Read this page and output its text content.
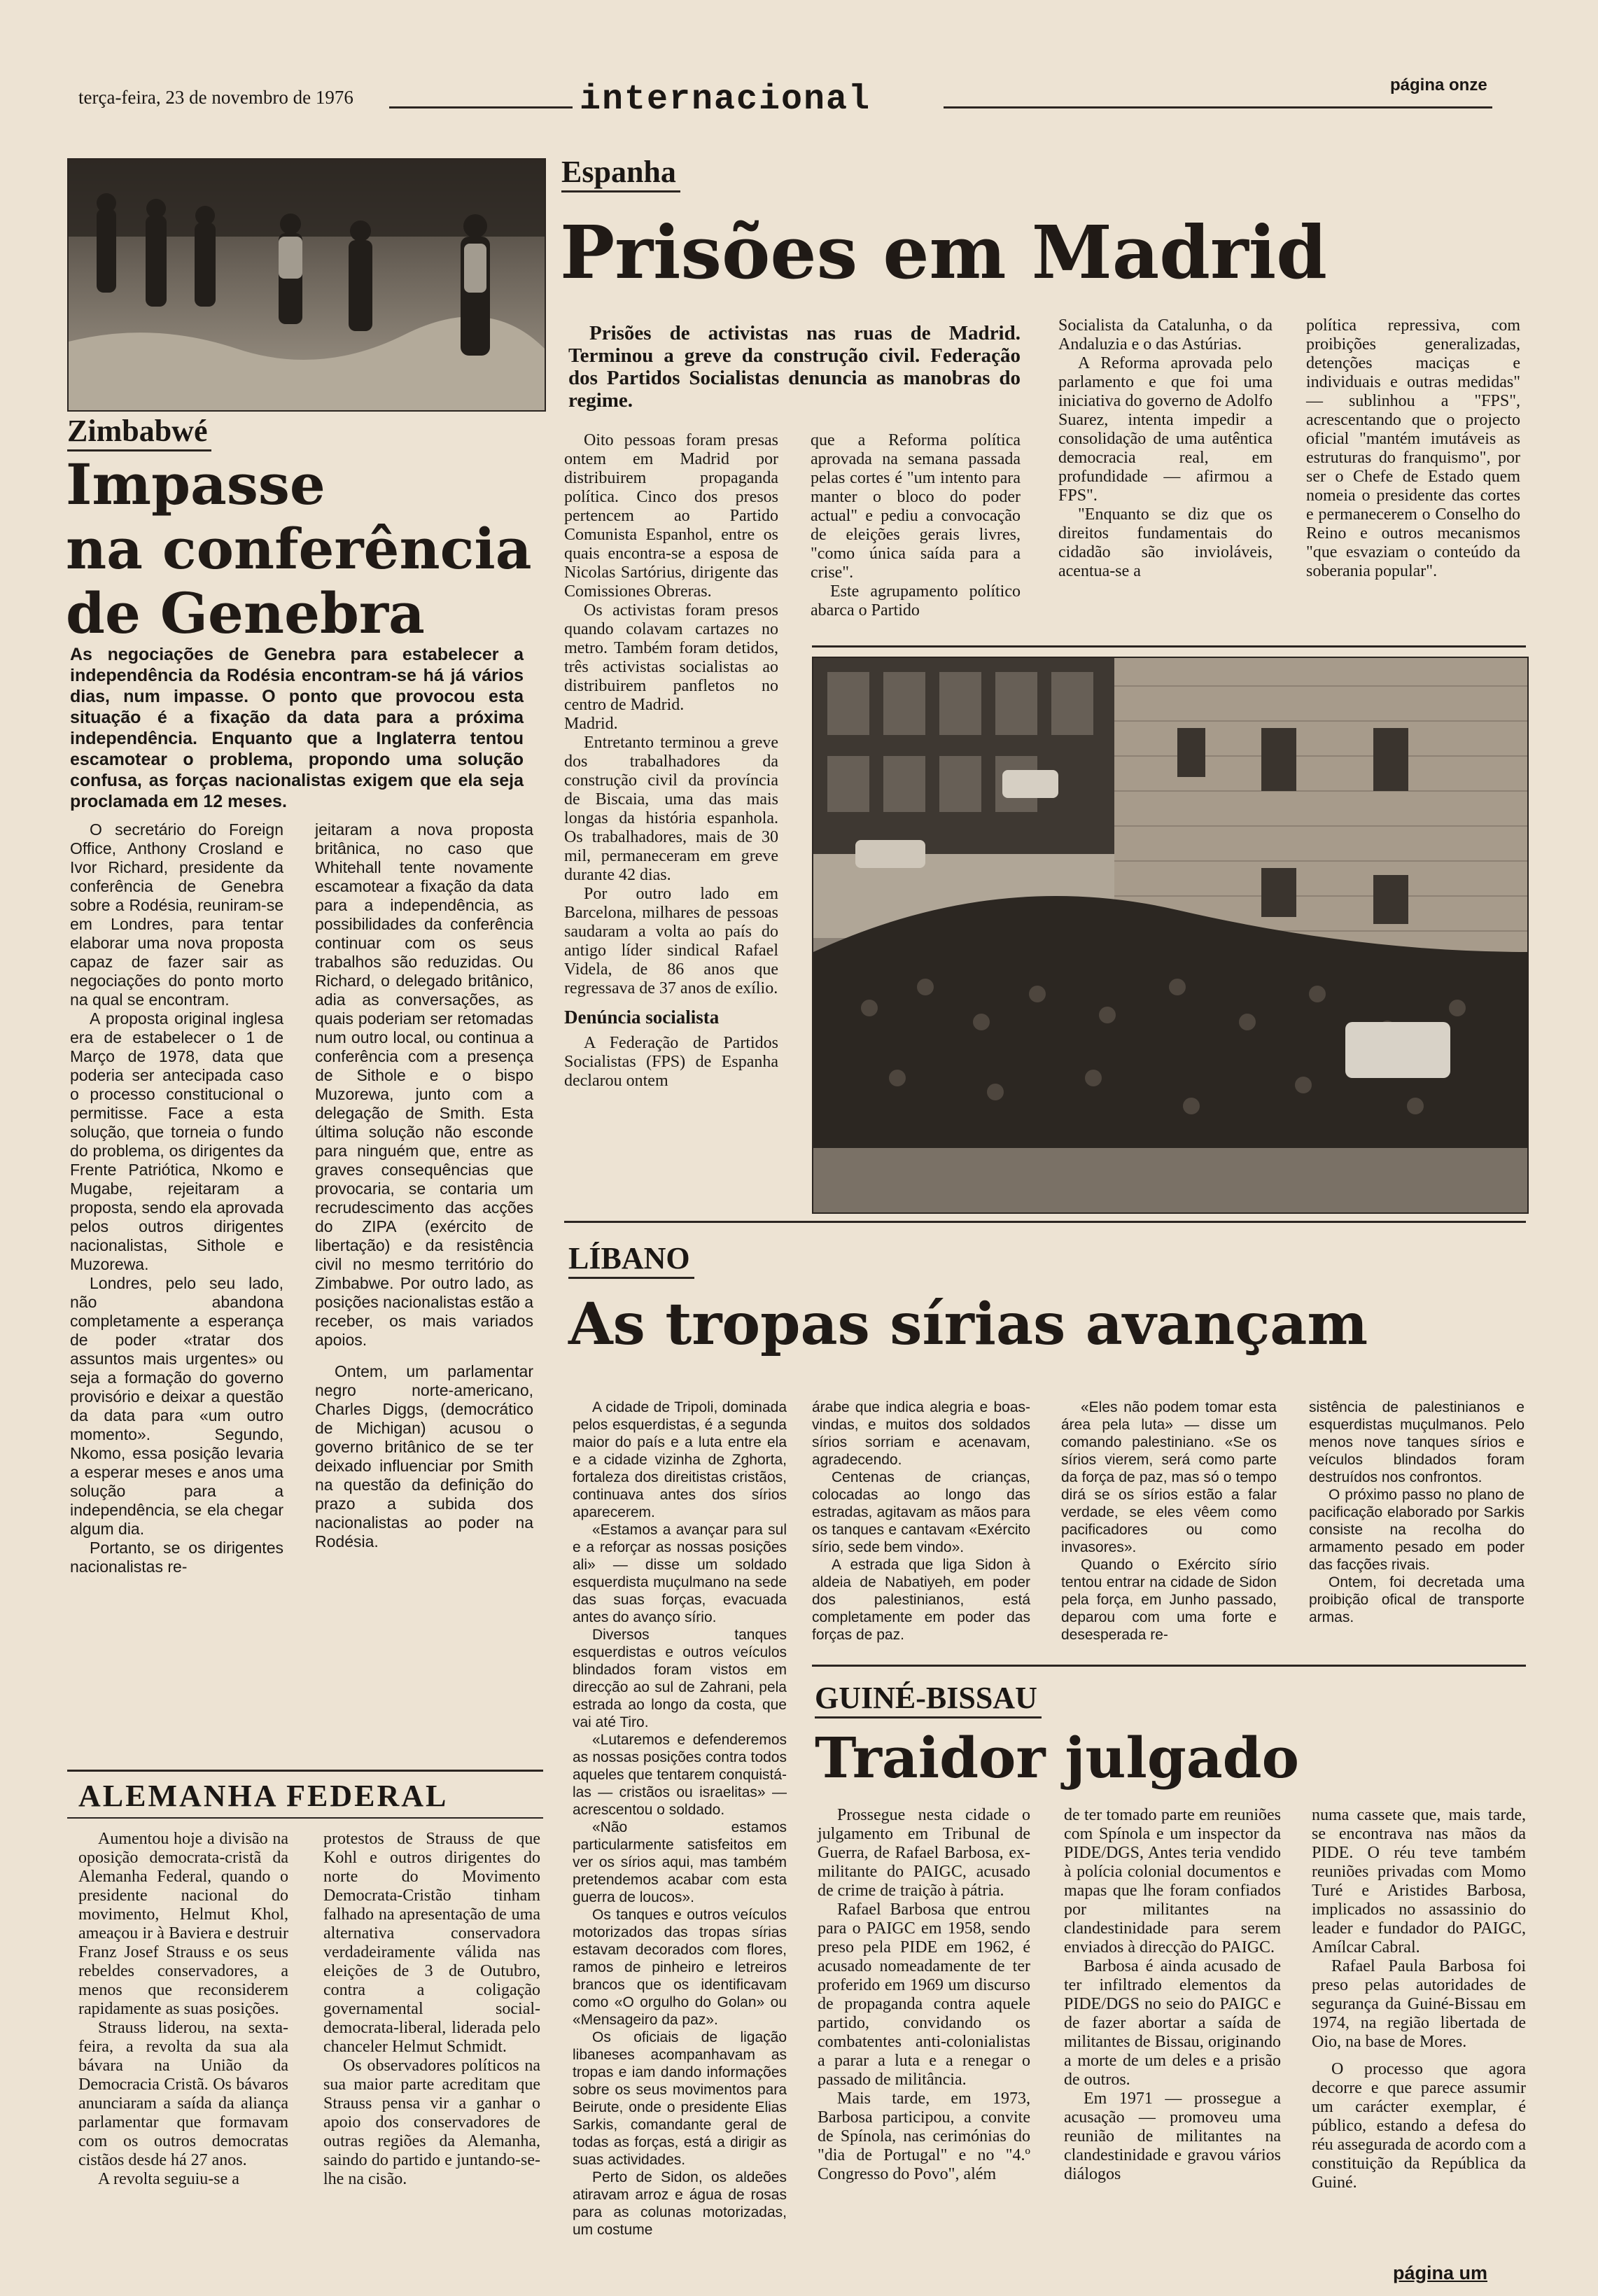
terça-feira, 23 de novembro de 1976	internacional	página onze
Zimbabwé
Impasse
na conferência
de Genebra
As negociações de Genebra para estabelecer a independência da Rodésia encontram-se há já vários dias, num impasse. O ponto que provocou esta situação é a fixação da data para a próxima independência. Enquanto que a Inglaterra tentou escamotear o problema, propondo uma solução confusa, as forças nacionalistas exigem que ela seja proclamada em 12 meses.

O secretário do Foreign Office, Anthony Crosland e Ivor Richard, presidente da conferência de Genebra sobre a Rodésia, reuniram-se em Londres, para tentar elaborar uma nova proposta capaz de fazer sair as negociações do ponto morto na qual se encontram.

A proposta original inglesa era de estabelecer o 1 de Março de 1978, data que poderia ser antecipada caso o processo constitucional o permitisse. Face a esta solução, que torneia o fundo do problema, os dirigentes da Frente Patriótica, Nkomo e Mugabe, rejeitaram a proposta, sendo ela aprovada pelos outros dirigentes nacionalistas, Sithole e Muzorewa.

Londres, pelo seu lado, não abandona completamente a esperança de poder «tratar dos assuntos mais urgentes» ou seja a formação do governo provisório e deixar a questão da data para «um outro momento». Segundo, Nkomo, essa posição levaria a esperar meses e anos uma solução para a independência, se ela chegar algum dia.

Portanto, se os dirigentes nacionalistas re-

jeitaram a nova proposta britânica, no caso que Whitehall tente novamente escamotear a fixação da data para a independência, as possibilidades da conferência continuar com os seus trabalhos são reduzidas. Ou Richard, o delegado britânico, adia as conversações, as quais poderiam ser retomadas num outro local, ou continua a conferência com a presença de Sithole e o bispo Muzorewa, junto com a delegação de Smith. Esta última solução não esconde para ninguém que, entre as graves consequências que provocaria, se contaria um recrudescimento das acções do ZIPA (exército de libertação) e da resistência civil no mesmo território do Zimbabwe. Por outro lado, as posições nacionalistas estão a receber, os mais variados apoios.

Ontem, um parlamentar negro norte-americano, Charles Diggs, (democrático de Michigan) acusou o governo britânico de se ter deixado influenciar por Smith na questão da definição do prazo a subida dos nacionalistas ao poder na Rodésia.

ALEMANHA FEDERAL

Aumentou hoje a divisão na oposição democrata-cristã da Alemanha Federal, quando o presidente nacional do movimento, Helmut Khol, ameaçou ir à Baviera e destruir Franz Josef Strauss e os seus rebeldes conservadores, a menos que reconsiderem rapidamente as suas posições.

Strauss liderou, na sexta-feira, a revolta da sua ala bávara na União da Democracia Cristã. Os bávaros anunciaram a saída da aliança parlamentar que formavam com os outros democratas cistãos desde há 27 anos.

A revolta seguiu-se a

protestos de Strauss de que Kohl e outros dirigentes do norte do Movimento Democrata-Cristão tinham falhado na apresentação de uma alternativa conservadora verdadeiramente válida nas eleições de 3 de Outubro, contra a coligação governamental social-democrata-liberal, liderada pelo chanceler Helmut Schmidt.

Os observadores políticos na sua maior parte acreditam que Strauss pensa vir a ganhar o apoio dos conservadores de outras regiões da Alemanha, saindo do partido e juntando-se-lhe na cisão.

Espanha
Prisões em Madrid
Prisões de activistas nas ruas de Madrid. Terminou a greve da construção civil. Federação dos Partidos Socialistas denuncia as manobras do regime.

Oito pessoas foram presas ontem em Madrid por distribuirem propaganda política. Cinco dos presos pertencem ao Partido Comunista Espanhol, entre os quais encontra-se a esposa de Nicolas Sartórius, dirigente das Comissiones Obreras.

Os activistas foram presos quando colavam cartazes no metro. Também foram detidos, três activistas socialistas ao distribuirem panfletos no centro de Madrid.

Madrid.

Entretanto terminou a greve dos trabalhadores da construção civil da província de Biscaia, uma das mais longas da história espanhola. Os trabalhadores, mais de 30 mil, permaneceram em greve durante 42 dias.

Por outro lado em Barcelona, milhares de pessoas saudaram a volta ao país do antigo líder sindical Rafael Videla, de 86 anos que regressava de 37 anos de exílio.

Denúncia socialista

A Federação de Partidos Socialistas (FPS) de Espanha declarou ontem

que a Reforma política aprovada na semana passada pelas cortes é "um intento para manter o bloco do poder actual" e pediu a convocação de eleições gerais livres, "como única saída para a crise".

Este agrupamento político abarca o Partido

Socialista da Catalunha, o da Andaluzia e o das Astúrias.

A Reforma aprovada pelo parlamento e que foi uma iniciativa do governo de Adolfo Suarez, intenta impedir a consolidação de uma autêntica democracia real, em profundidade — afirmou a FPS".

"Enquanto se diz que os direitos fundamentais do cidadão são invioláveis, acentua-se a

política repressiva, com proibições generalizadas, detenções maciças e individuais e outras medidas" — sublinhou a "FPS", acrescentando que o projecto oficial "mantém imutáveis as estruturas do franquismo", por ser o Chefe de Estado quem nomeia o presidente das cortes e permanecerem o Conselho do Reino e outros mecanismos "que esvaziam o conteúdo da soberania popular".

LÍBANO
As tropas sírias avançam

A cidade de Tripoli, dominada pelos esquerdistas, é a segunda maior do país e a luta entre ela e a cidade vizinha de Zghorta, fortaleza dos direitistas cristãos, continuava antes dos sírios aparecerem.

«Estamos a avançar para sul e a reforçar as nossas posições ali» — disse um soldado esquerdista muçulmano na sede das suas forças, evacuada antes do avanço sírio.

Diversos tanques esquerdistas e outros veículos blindados foram vistos em direcção ao sul de Zahrani, pela estrada ao longo da costa, que vai até Tiro.

«Lutaremos e defenderemos as nossas posições contra todos aqueles que tentarem conquistá-las — cristãos ou israelitas» — acrescentou o soldado.

«Não estamos particularmente satisfeitos em ver os sírios aqui, mas também pretendemos acabar com esta guerra de loucos».

Os tanques e outros veículos motorizados das tropas sírias estavam decorados com flores, ramos de pinheiro e letreiros brancos que os identificavam como «O orgulho do Golan» ou «Mensageiro da paz».

Os oficiais de ligação libaneses acompanhavam as tropas e iam dando informações sobre os seus movimentos para Beirute, onde o presidente Elias Sarkis, comandante geral de todas as forças, está a dirigir as suas actividades.

Perto de Sidon, os aldeões atiravam arroz e água de rosas para as colunas motorizadas, um costume

árabe que indica alegria e boas-vindas, e muitos dos soldados sírios sorriam e acenavam, agradecendo.

Centenas de crianças, colocadas ao longo das estradas, agitavam as mãos para os tanques e cantavam «Exército sírio, sede bem vindo».

A estrada que liga Sidon à aldeia de Nabatiyeh, em poder dos palestinianos, está completamente em poder das forças de paz.

«Eles não podem tomar esta área pela luta» — disse um comando palestiniano. «Se os sírios vierem, será como parte da força de paz, mas só o tempo dirá se os sírios estão a falar verdade, se eles vêem como pacificadores ou como invasores».

Quando o Exército sírio tentou entrar na cidade de Sidon pela força, em Junho passado, deparou com uma forte e desesperada re-

sistência de palestinianos e esquerdistas muçulmanos. Pelo menos nove tanques sírios e veículos blindados foram destruídos nos confrontos.

O próximo passo no plano de pacificação elaborado por Sarkis consiste na recolha do armamento pesado em poder das facções rivais.

Ontem, foi decretada uma proibição ofical de transporte armas.

GUINÉ-BISSAU
Traidor julgado

Prossegue nesta cidade o julgamento em Tribunal de Guerra, de Rafael Barbosa, ex-militante do PAIGC, acusado de crime de traição à pátria.

Rafael Barbosa que entrou para o PAIGC em 1958, sendo preso pela PIDE em 1962, é acusado nomeadamente de ter proferido em 1969 um discurso de propaganda contra aquele partido, convidando os combatentes anti-colonialistas a parar a luta e a renegar o passado de militância.

Mais tarde, em 1973, Barbosa participou, a convite de Spínola, nas cerimónias do "dia de Portugal" e no "4.º Congresso do Povo", além

de ter tomado parte em reuniões com Spínola e um inspector da PIDE/DGS, Antes teria vendido à polícia colonial documentos e mapas que lhe foram confiados por militantes na clandestinidade para serem enviados à direcção do PAIGC.

Barbosa é ainda acusado de ter infiltrado elementos da PIDE/DGS no seio do PAIGC e de fazer abortar a saída de militantes de Bissau, originando a morte de um deles e a prisão de outros.

Em 1971 — prossegue a acusação — promoveu uma reunião de militantes na clandestinidade e gravou vários diálogos

numa cassete que, mais tarde, se encontrava nas mãos da PIDE. O réu teve também reuniões privadas com Momo Turé e Aristides Barbosa, implicados no assassinio do leader e fundador do PAIGC, Amílcar Cabral.

Rafael Paula Barbosa foi preso pelas autoridades de segurança da Guiné-Bissau em 1974, na região libertada de Oio, na base de Mores.

O processo que agora decorre e que parece assumir um carácter exemplar, é público, estando a defesa do réu assegurada de acordo com a constituição da República da Guiné.

página um
